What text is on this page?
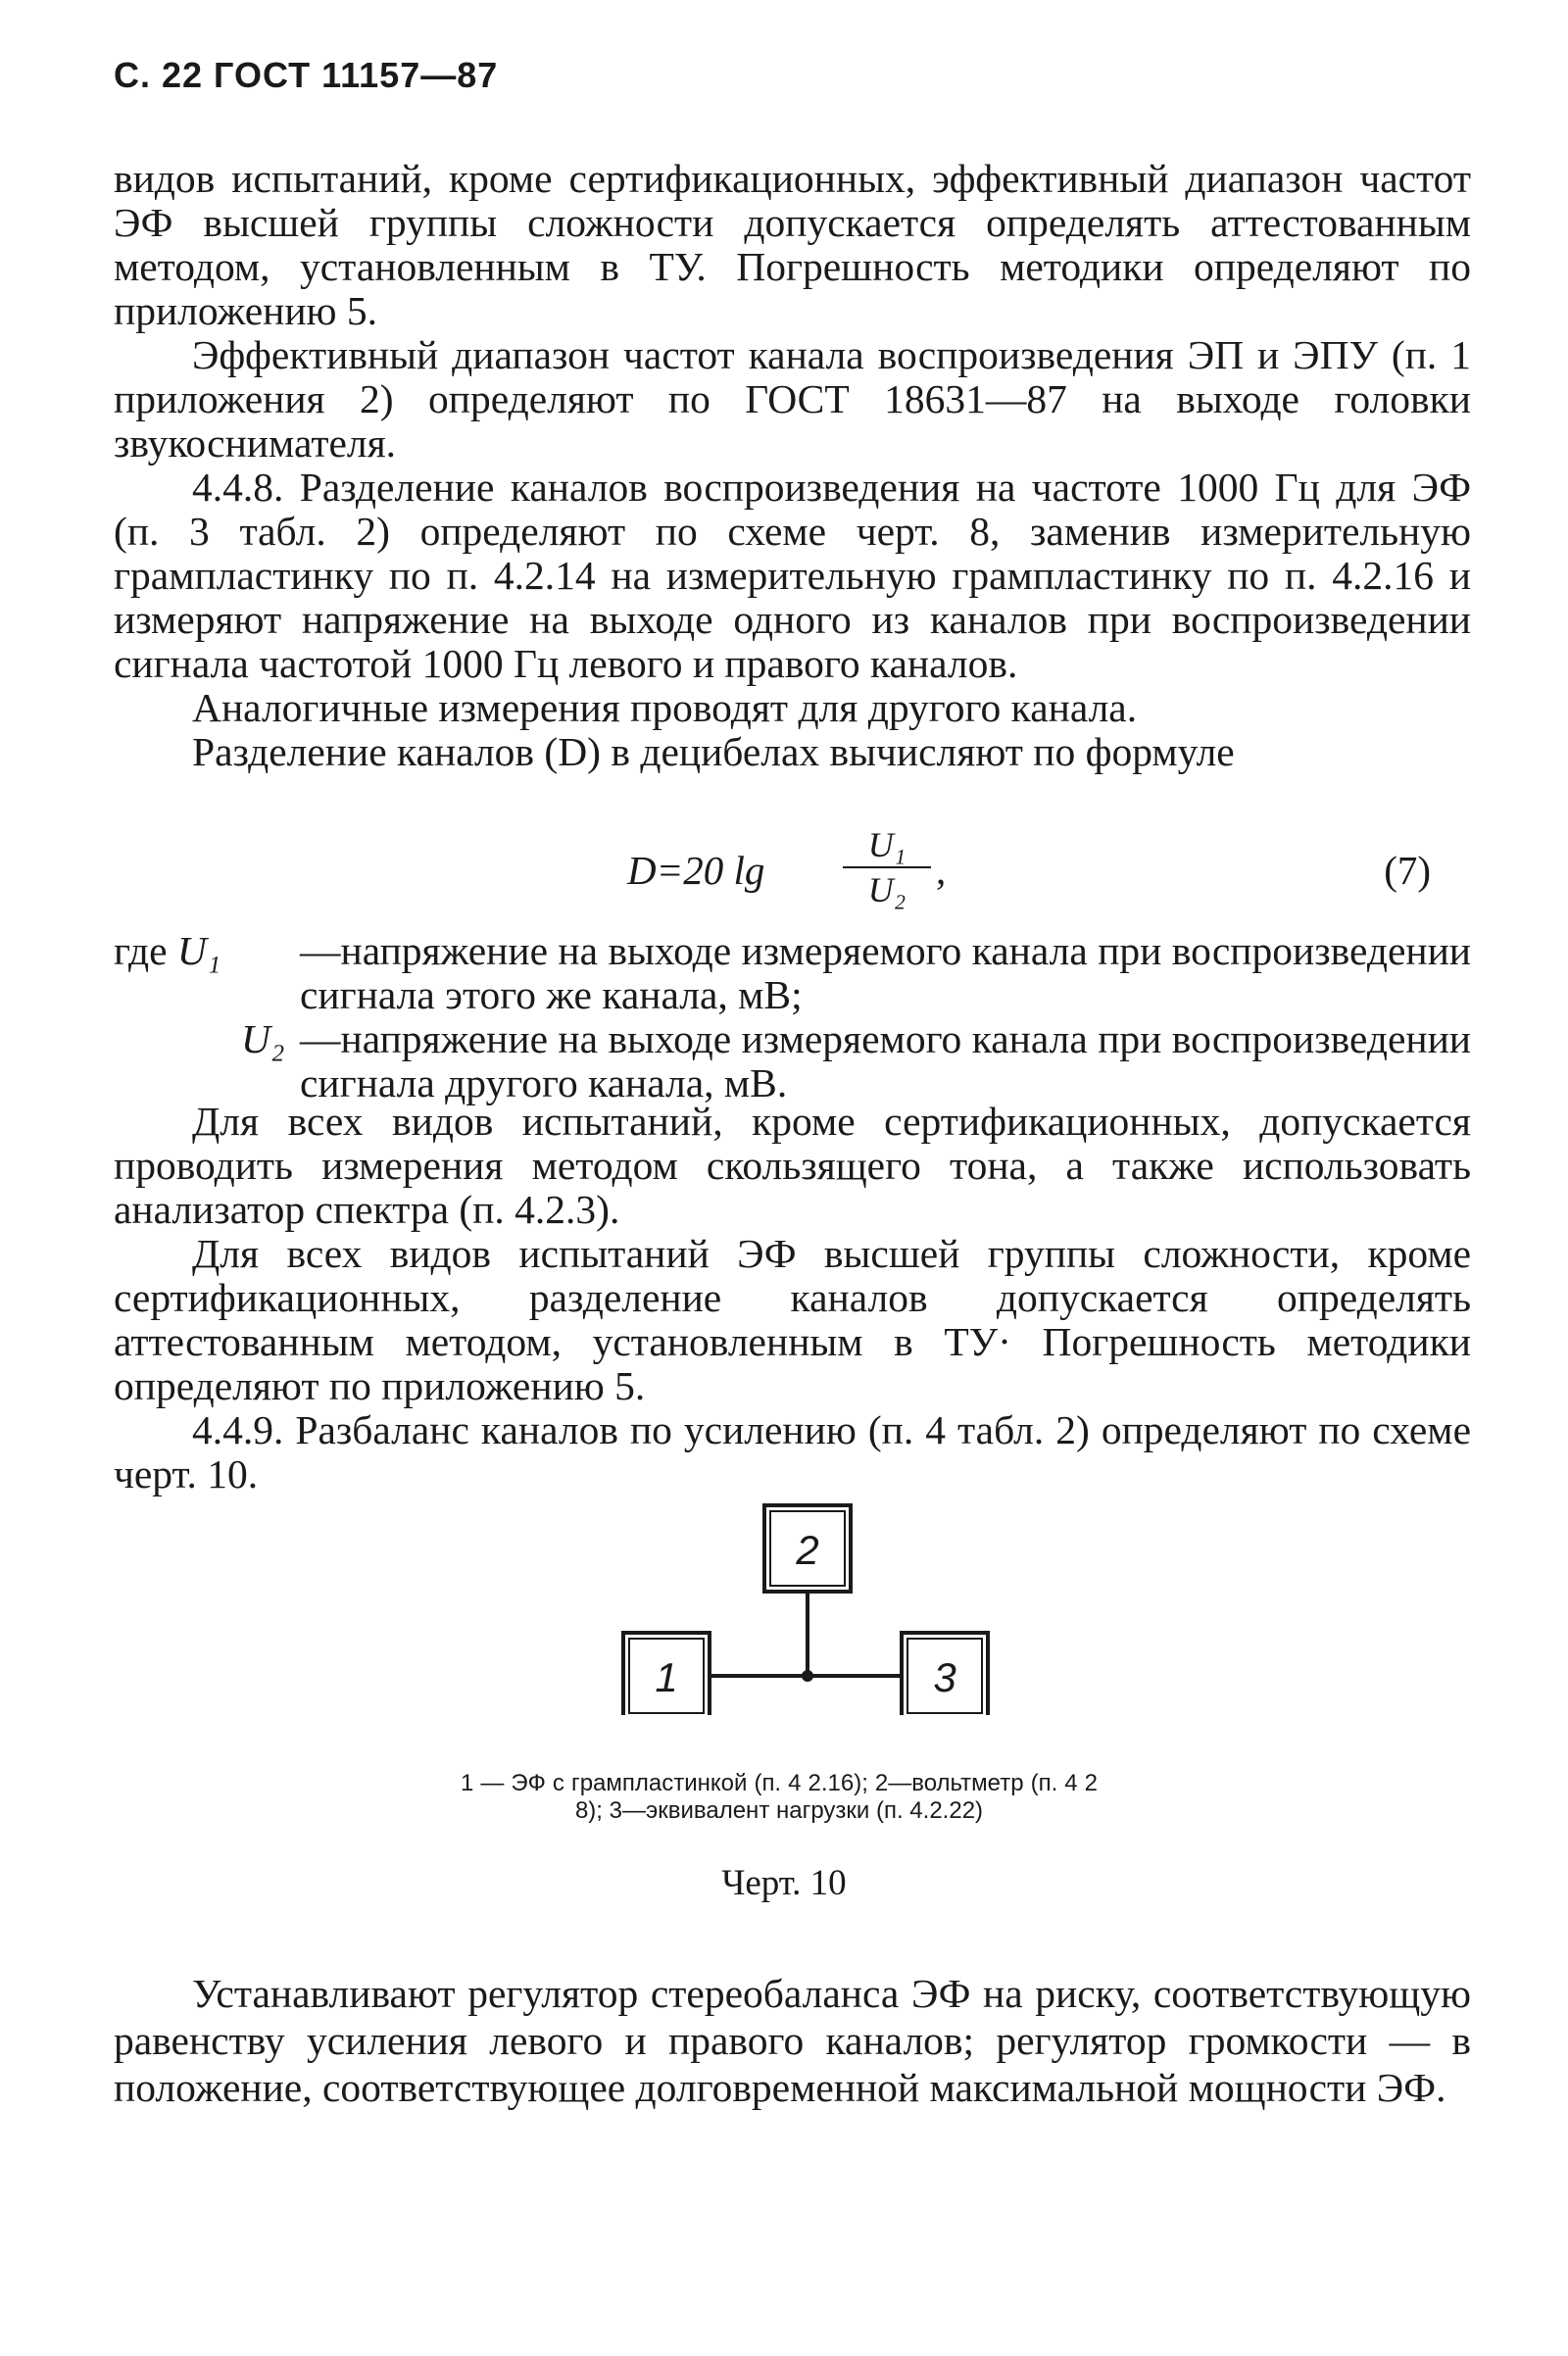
С. 22 ГОСТ 11157—87

видов испытаний, кроме сертификационных, эффективный диапазон частот ЭФ высшей группы сложности допускается определять аттестованным методом, установленным в ТУ. Погрешность методики определяют по приложению 5.

Эффективный диапазон частот канала воспроизведения ЭП и ЭПУ (п. 1 приложения 2) определяют по ГОСТ 18631—87 на выходе головки звукоснимателя.

4.4.8. Разделение каналов воспроизведения на частоте 1000 Гц для ЭФ (п. 3 табл. 2) определяют по схеме черт. 8, заменив измерительную грампластинку по п. 4.2.14 на измерительную грампластинку по п. 4.2.16 и измеряют напряжение на выходе одного из каналов при воспроизведении сигнала частотой 1000 Гц левого и правого каналов.

Аналогичные измерения проводят для другого канала.

Разделение каналов (D) в децибелах вычисляют по формуле

D=20 lg
U₁
U₂ ,	(7)
где U₁ —напряжение на выходе измеряемого канала при воспроизведении сигнала этого же канала, мВ;
U₂ —напряжение на выходе измеряемого канала при воспроизведении сигнала другого канала, мВ.

Для всех видов испытаний, кроме сертификационных, допускается проводить измерения методом скользящего тона, а также использовать анализатор спектра (п. 4.2.3).

Для всех видов испытаний ЭФ высшей группы сложности, кроме сертификационных, разделение каналов допускается определять аттестованным методом, установленным в ТУ· Погрешность методики определяют по приложению 5.

4.4.9. Разбаланс каналов по усилению (п. 4 табл. 2) определяют по схеме черт. 10.

2
1	3
1 — ЭФ с грампластинкой (п. 4 2.16); 2—вольтметр (п. 4 2 8); 3—эквивалент нагрузки (п. 4.2.22)
Черт. 10

Устанавливают регулятор стереобаланса ЭФ на риску, соответствующую равенству усиления левого и правого каналов; регулятор громкости — в положение, соответствующее долговременной максимальной мощности ЭФ.
